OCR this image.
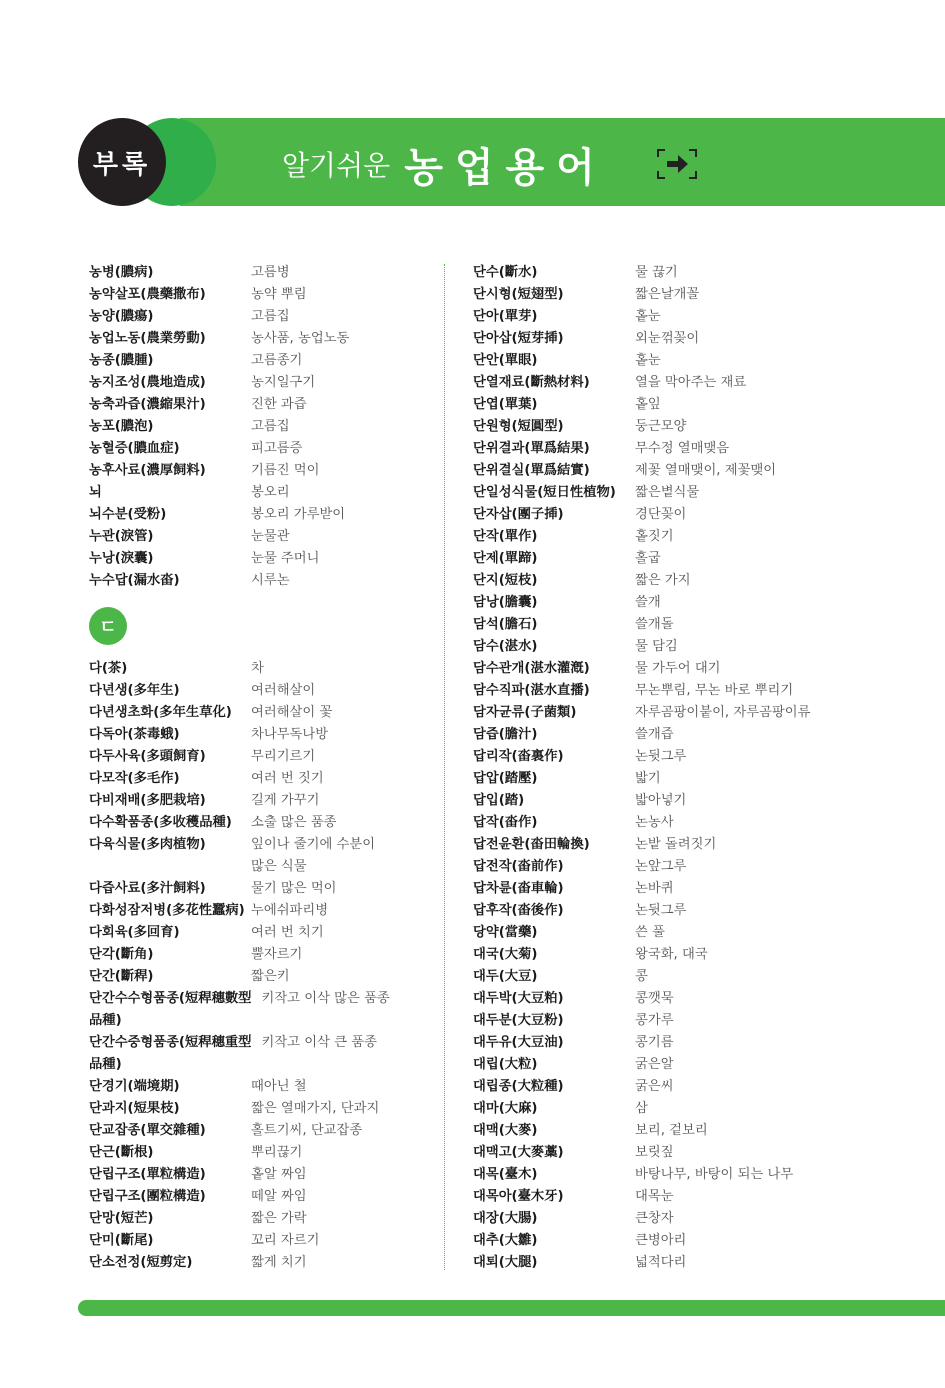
부록	알기쉬운 농업용어
농병(膿病)	고름병
농약살포(農藥撒布)	농약 뿌림
농양(膿瘍)	고름집
농업노동(農業勞動)	농사품, 농업노동
농종(膿腫)	고름종기
농지조성(農地造成)	농지일구기
농축과즙(濃縮果汁)	진한 과즙
농포(膿泡)	고름집
농혈증(膿血症)	피고름증
농후사료(濃厚飼料)	기름진 먹이
뇌	봉오리
뇌수분(受粉)	봉오리 가루받이
누관(淚管)	눈물관
누낭(淚囊)	눈물 주머니
누수답(漏水畓)	시루논
ㄷ
다(茶)	차
다년생(多年生)	여러해살이
다년생초화(多年生草化)	여러해살이 꽃
다독아(茶毒蛾)	차나무독나방
다두사육(多頭飼育)	무리기르기
다모작(多毛作)	여러 번 짓기
다비재배(多肥栽培)	길게 가꾸기
다수확품종(多收穫品種)	소출 많은 품종
다육식물(多肉植物)	잎이나 줄기에 수분이
많은 식물
다즙사료(多汁飼料)	물기 많은 먹이
다화성잠저병(多花性蠶病) 누에쉬파리병
다회육(多回育)	여러 번 치기
단각(斷角)	뿔자르기
단간(斷稈)	짧은키
단간수수형품종(短稈穗數型 키작고 이삭 많은 품종
品種)
단간수중형품종(短稈穗重型 키작고 이삭 큰 품종
品種)
단경기(端境期)	때아닌 철
단과지(短果枝)	짧은 열매가지, 단과지
단교잡종(單交雜種)	홀트기씨, 단교잡종
단근(斷根)	뿌리끊기
단립구조(單粒構造)	홑알 짜임
단립구조(團粒構造)	떼알 짜임
단망(短芒)	짧은 가락
단미(斷尾)	꼬리 자르기
단소전정(短剪定)	짧게 치기
단수(斷水)	물 끊기
단시형(短翅型)	짧은날개꼴
단아(單芽)	홑눈
단아삽(短芽揷)	외눈꺾꽂이
단안(單眼)	홑눈
단열재료(斷熱材料)	열을 막아주는 재료
단엽(單葉)	홑잎
단원형(短圓型)	둥근모양
단위결과(單爲結果)	무수정 열매맺음
단위결실(單爲結實)	제꽃 열매맺이, 제꽃맺이
단일성식물(短日性植物)	짧은볕식물
단자삽(團子揷)	경단꽂이
단작(單作)	홑짓기
단제(單蹄)	홀굽
단지(短枝)	짧은 가지
담낭(膽囊)	쓸개
담석(膽石)	쓸개돌
담수(湛水)	물 담김
담수관개(湛水灌漑)	물 가두어 대기
담수직파(湛水直播)	무논뿌림, 무논 바로 뿌리기
담자균류(子菌類)	자루곰팡이붙이, 자루곰팡이류
담즙(膽汁)	쓸개즙
답리작(畓裏作)	논뒷그루
답압(踏壓)	밟기
답입(踏)	밟아넣기
답작(畓作)	논농사
답전윤환(畓田輪換)	논밭 돌려짓기
답전작(畓前作)	논앞그루
답차륜(畓車輪)	논바퀴
답후작(畓後作)	논뒷그루
당약(當藥)	쓴 풀
대국(大菊)	왕국화, 대국
대두(大豆)	콩
대두박(大豆粕)	콩깻묵
대두분(大豆粉)	콩가루
대두유(大豆油)	콩기름
대립(大粒)	굵은알
대립종(大粒種)	굵은씨
대마(大麻)	삼
대맥(大麥)	보리, 겉보리
대맥고(大麥藁)	보릿짚
대목(臺木)	바탕나무, 바탕이 되는 나무
대목아(臺木牙)	대목눈
대장(大腸)	큰창자
대추(大雛)	큰병아리
대퇴(大腿)	넓적다리
